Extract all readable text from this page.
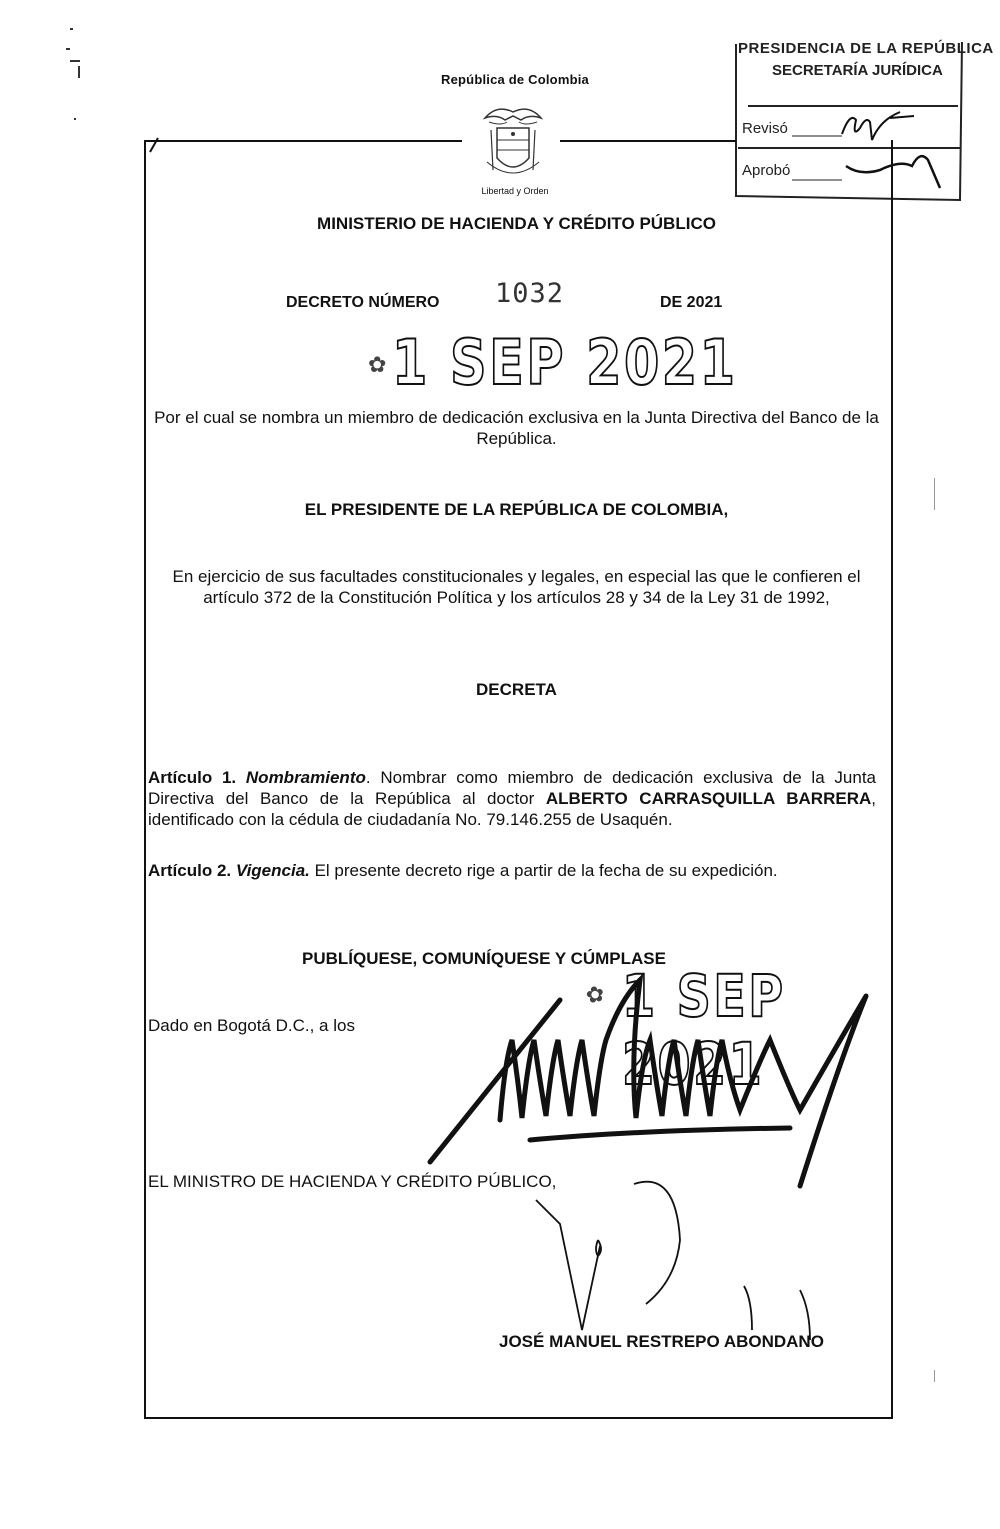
PRESIDENCIA DE LA REPÚBLICA
SECRETARÍA JURÍDICA
Revisó
Aprobó
República de Colombia
Libertad y Orden
MINISTERIO DE HACIENDA Y CRÉDITO PÚBLICO
DECRETO NÚMERO 1032	DE 2021
✿ 1 SEP 2021
Por el cual se nombra un miembro de dedicación exclusiva en la Junta Directiva del Banco de la República.
EL PRESIDENTE DE LA REPÚBLICA DE COLOMBIA,
En ejercicio de sus facultades constitucionales y legales, en especial las que le confieren el artículo 372 de la Constitución Política y los artículos 28 y 34 de la Ley 31 de 1992,
DECRETA
Artículo 1. Nombramiento. Nombrar como miembro de dedicación exclusiva de la Junta Directiva del Banco de la República al doctor ALBERTO CARRASQUILLA BARRERA, identificado con la cédula de ciudadanía No. 79.146.255 de Usaquén.
Artículo 2. Vigencia. El presente decreto rige a partir de la fecha de su expedición.
PUBLÍQUESE, COMUNÍQUESE Y CÚMPLASE
✿ 1 SEP 2021
Dado en Bogotá D.C., a los
EL MINISTRO DE HACIENDA Y CRÉDITO PÚBLICO,
JOSÉ MANUEL RESTREPO ABONDANO
